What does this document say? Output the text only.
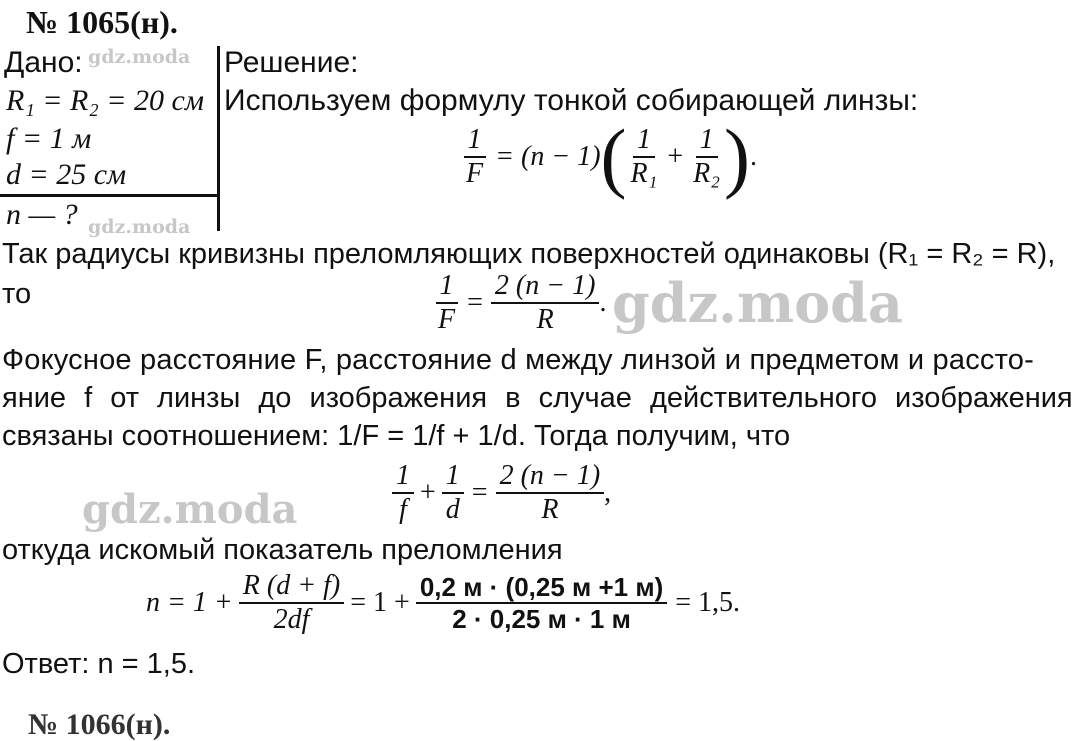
№ 1065(н).
Дано:
R₁ = R₂ = 20 см
f = 1 м
d = 25 см
n — ?
Решение:
Используем формулу тонкой собирающей линзы:
$\frac{1}{F} = (n - 1)$ ( $\frac{1}{\text{R₁}} + \frac{1}{\text{R₂}}$ ) .
Так радиусы кривизны преломляющих поверхностей одинаковы (R₁ = R₂ = R),
то	$\frac{1}{F} = \frac{2 (n - 1)}{R}$ .
Фокусное расстояние F, расстояние d между линзой и предметом и рассто-
яние f от линзы до изображения в случае действительного изображения
связаны соотношением: 1/F = 1/f + 1/d. Тогда получим, что
$\frac{1}{f} + \frac{1}{d} = \frac{2 (n - 1)}{R}$ ,
откуда искомый показатель преломления
$n = 1 + \frac{R (d + f)}{2df} = 1 + \frac{0,2 м \cdot (0,25 м +1 м)}{2 \cdot 0,25 м \cdot 1 м} = 1,5$.
Ответ: n = 1,5.
№ 1066(н).
gdz.moda
gdz.moda
gdz.moda
gdz.moda
